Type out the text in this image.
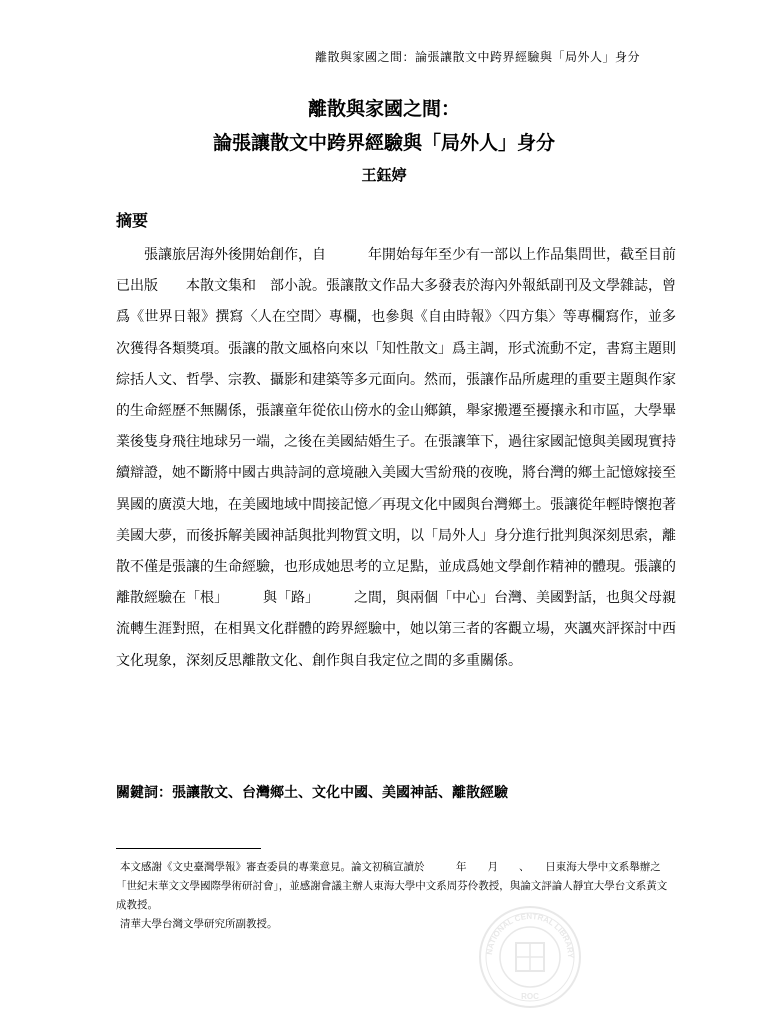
離散與家國之間：論張讓散文中跨界經驗與「局外人」身分
離散與家國之間：
論張讓散文中跨界經驗與「局外人」身分
王鈺婷
摘要

張讓旅居海外後開始創作，自　　　年開始每年至少有一部以上作品集問世，截至目前已出版　　本散文集和　部小說。張讓散文作品大多發表於海內外報紙副刊及文學雜誌，曾爲《世界日報》撰寫〈人在空間〉專欄，也參與《自由時報》〈四方集〉等專欄寫作，並多次獲得各類獎項。張讓的散文風格向來以「知性散文」爲主調，形式流動不定，書寫主題則綜括人文、哲學、宗教、攝影和建築等多元面向。然而，張讓作品所處理的重要主題與作家的生命經歷不無關係，張讓童年從依山傍水的金山鄉鎮，舉家搬遷至擾攘永和市區，大學畢業後隻身飛往地球另一端，之後在美國結婚生子。在張讓筆下，過往家國記憶與美國現實持續辯證，她不斷將中國古典詩詞的意境融入美國大雪紛飛的夜晚，將台灣的鄉土記憶嫁接至異國的廣漠大地，在美國地域中間接記憶／再現文化中國與台灣鄉土。張讓從年輕時懷抱著美國大夢，而後拆解美國神話與批判物質文明，以「局外人」身分進行批判與深刻思索，離散不僅是張讓的生命經驗，也形成她思考的立足點，並成爲她文學創作精神的體現。張讓的離散經驗在「根」　　　與「路」　　　之間，與兩個「中心」台灣、美國對話，也與父母親流轉生涯對照，在相異文化群體的跨界經驗中，她以第三者的客觀立場，夾諷夾評探討中西文化現象，深刻反思離散文化、創作與自我定位之間的多重關係。

關鍵詞：張讓散文、台灣鄉土、文化中國、美國神話、離散經驗

本文感謝《文史臺灣學報》審查委員的專業意見。論文初稿宣讀於　　　年　　月　　、　　日東海大學中文系舉辦之「世紀末華文文學國際學術研討會」，並感謝會議主辦人東海大學中文系周芬伶教授，與論文評論人靜宜大學台文系黃文成教授。

清華大學台灣文學研究所副教授。

NATIONAL CENTRAL LIBRARY
ROC
